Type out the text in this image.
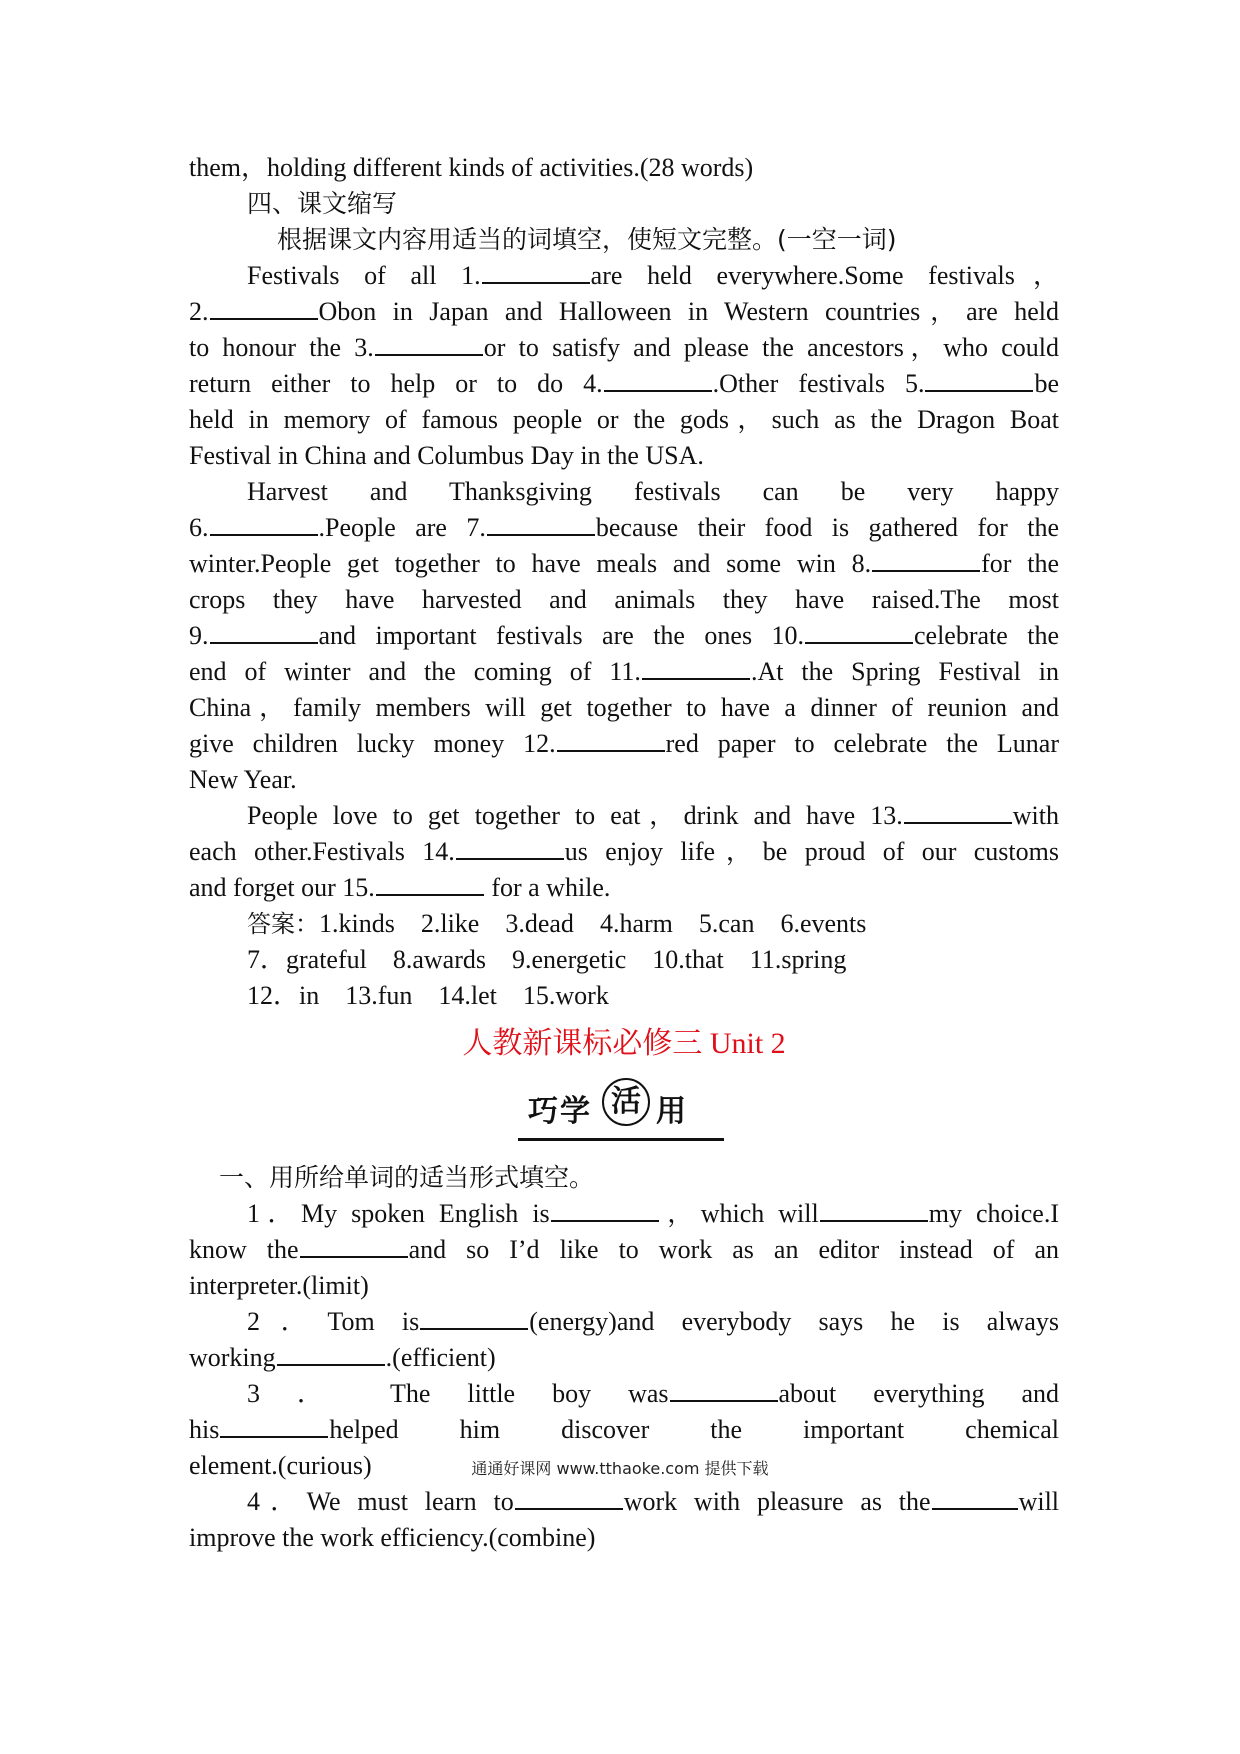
them，holding different kinds of activities.(28 words)
四、课文缩写
根据课文内容用适当的词填空，使短文完整。(一空一词)
Festivals of all 1.	are held everywhere.Some festivals，
2.	Obon in Japan and Halloween in Western countries，are held
to honour the 3.	or to satisfy and please the ancestors，who could
return either to help or to do 4.	.Other festivals 5.	be
held in memory of famous people or the gods，such as the Dragon Boat
Festival in China and Columbus Day in the USA.
Harvest and Thanksgiving festivals can be very happy
6.	.People are 7.	because their food is gathered for the
winter.People get together to have meals and some win 8.	for the
crops they have harvested and animals they have raised.The most
9.	and important festivals are the ones 10.	celebrate the
end of winter and the coming of 11.	.At the Spring Festival in
China，family members will get together to have a dinner of reunion and
give children lucky money 12.	red paper to celebrate the Lunar
New Year.
People love to get together to eat，drink and have 13.	with
each other.Festivals 14.	us enjoy life，be proud of our customs
and forget our 15.	for a while.
答案：1.kinds 2.like 3.dead 4.harm 5.can 6.events
7．grateful 8.awards 9.energetic 10.that 11.spring
12．in 13.fun 14.let 15.work
人教新课标必修三 Unit 2
巧学 活 用
一、用所给单词的适当形式填空。
1．My spoken English is	，which will	my choice.I
know the	and so I’d like to work as an editor instead of an
interpreter.(limit)
2．Tom is	(energy)and everybody says he is always
working	.(efficient)
3 ． The little boy was	about everything and
his	helped him discover the important chemical
element.(curious)
4．We must learn to	work with pleasure as the	will
improve the work efficiency.(combine)
通通好课网 www.tthaoke.com 提供下载
